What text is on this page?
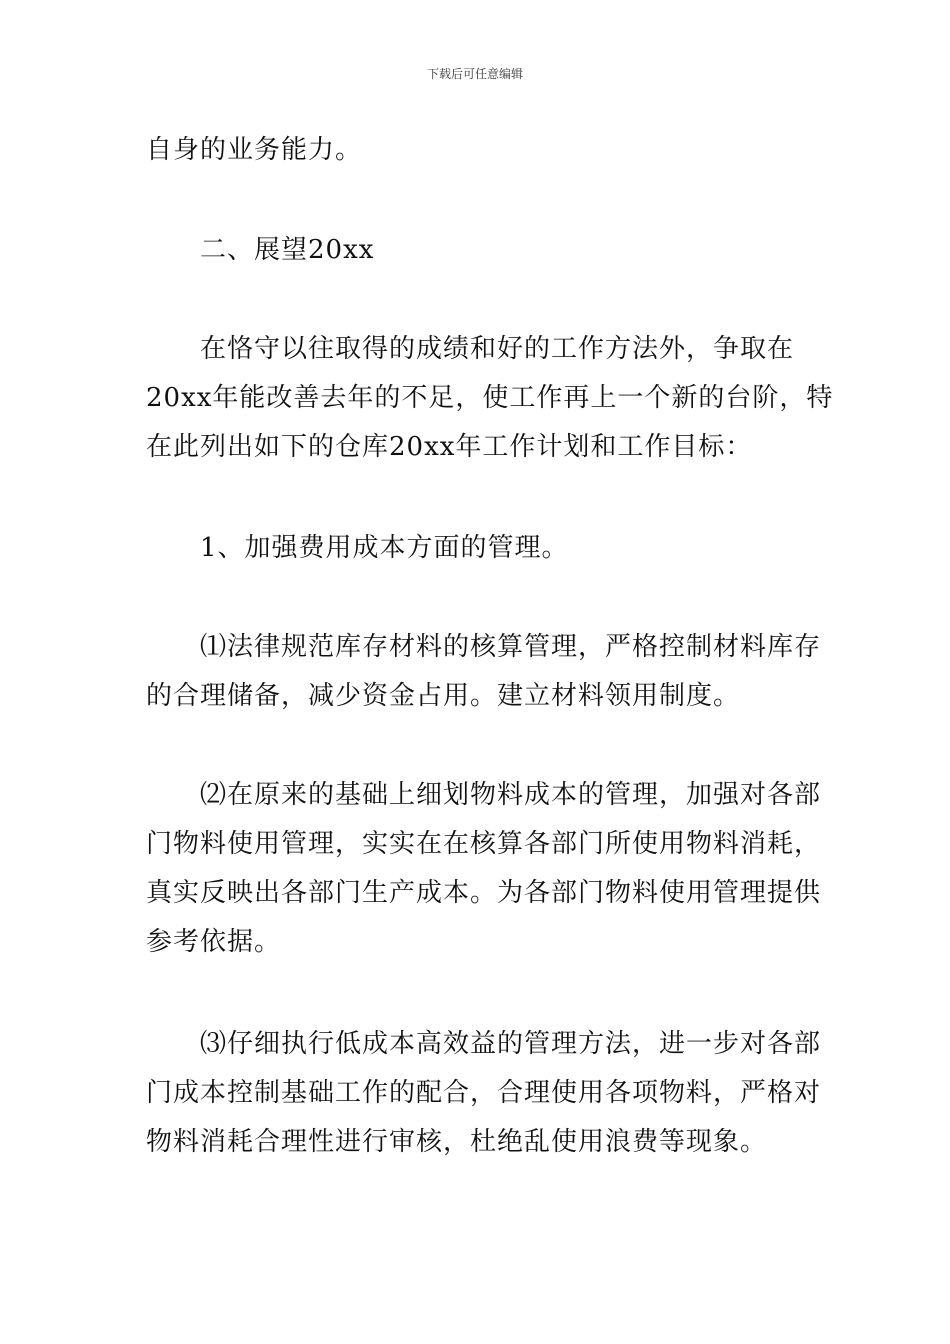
下载后可任意编辑

自身的业务能力。

　　二、展望20xx

　　在恪守以往取得的成绩和好的工作方法外，争取在
20xx年能改善去年的不足，使工作再上一个新的台阶，特
在此列出如下的仓库20xx年工作计划和工作目标：

　　1、加强费用成本方面的管理。

　　⑴法律规范库存材料的核算管理，严格控制材料库存
的合理储备，减少资金占用。建立材料领用制度。

　　⑵在原来的基础上细划物料成本的管理，加强对各部
门物料使用管理，实实在在核算各部门所使用物料消耗，
真实反映出各部门生产成本。为各部门物料使用管理提供
参考依据。

　　⑶仔细执行低成本高效益的管理方法，进一步对各部
门成本控制基础工作的配合，合理使用各项物料，严格对
物料消耗合理性进行审核，杜绝乱使用浪费等现象。
